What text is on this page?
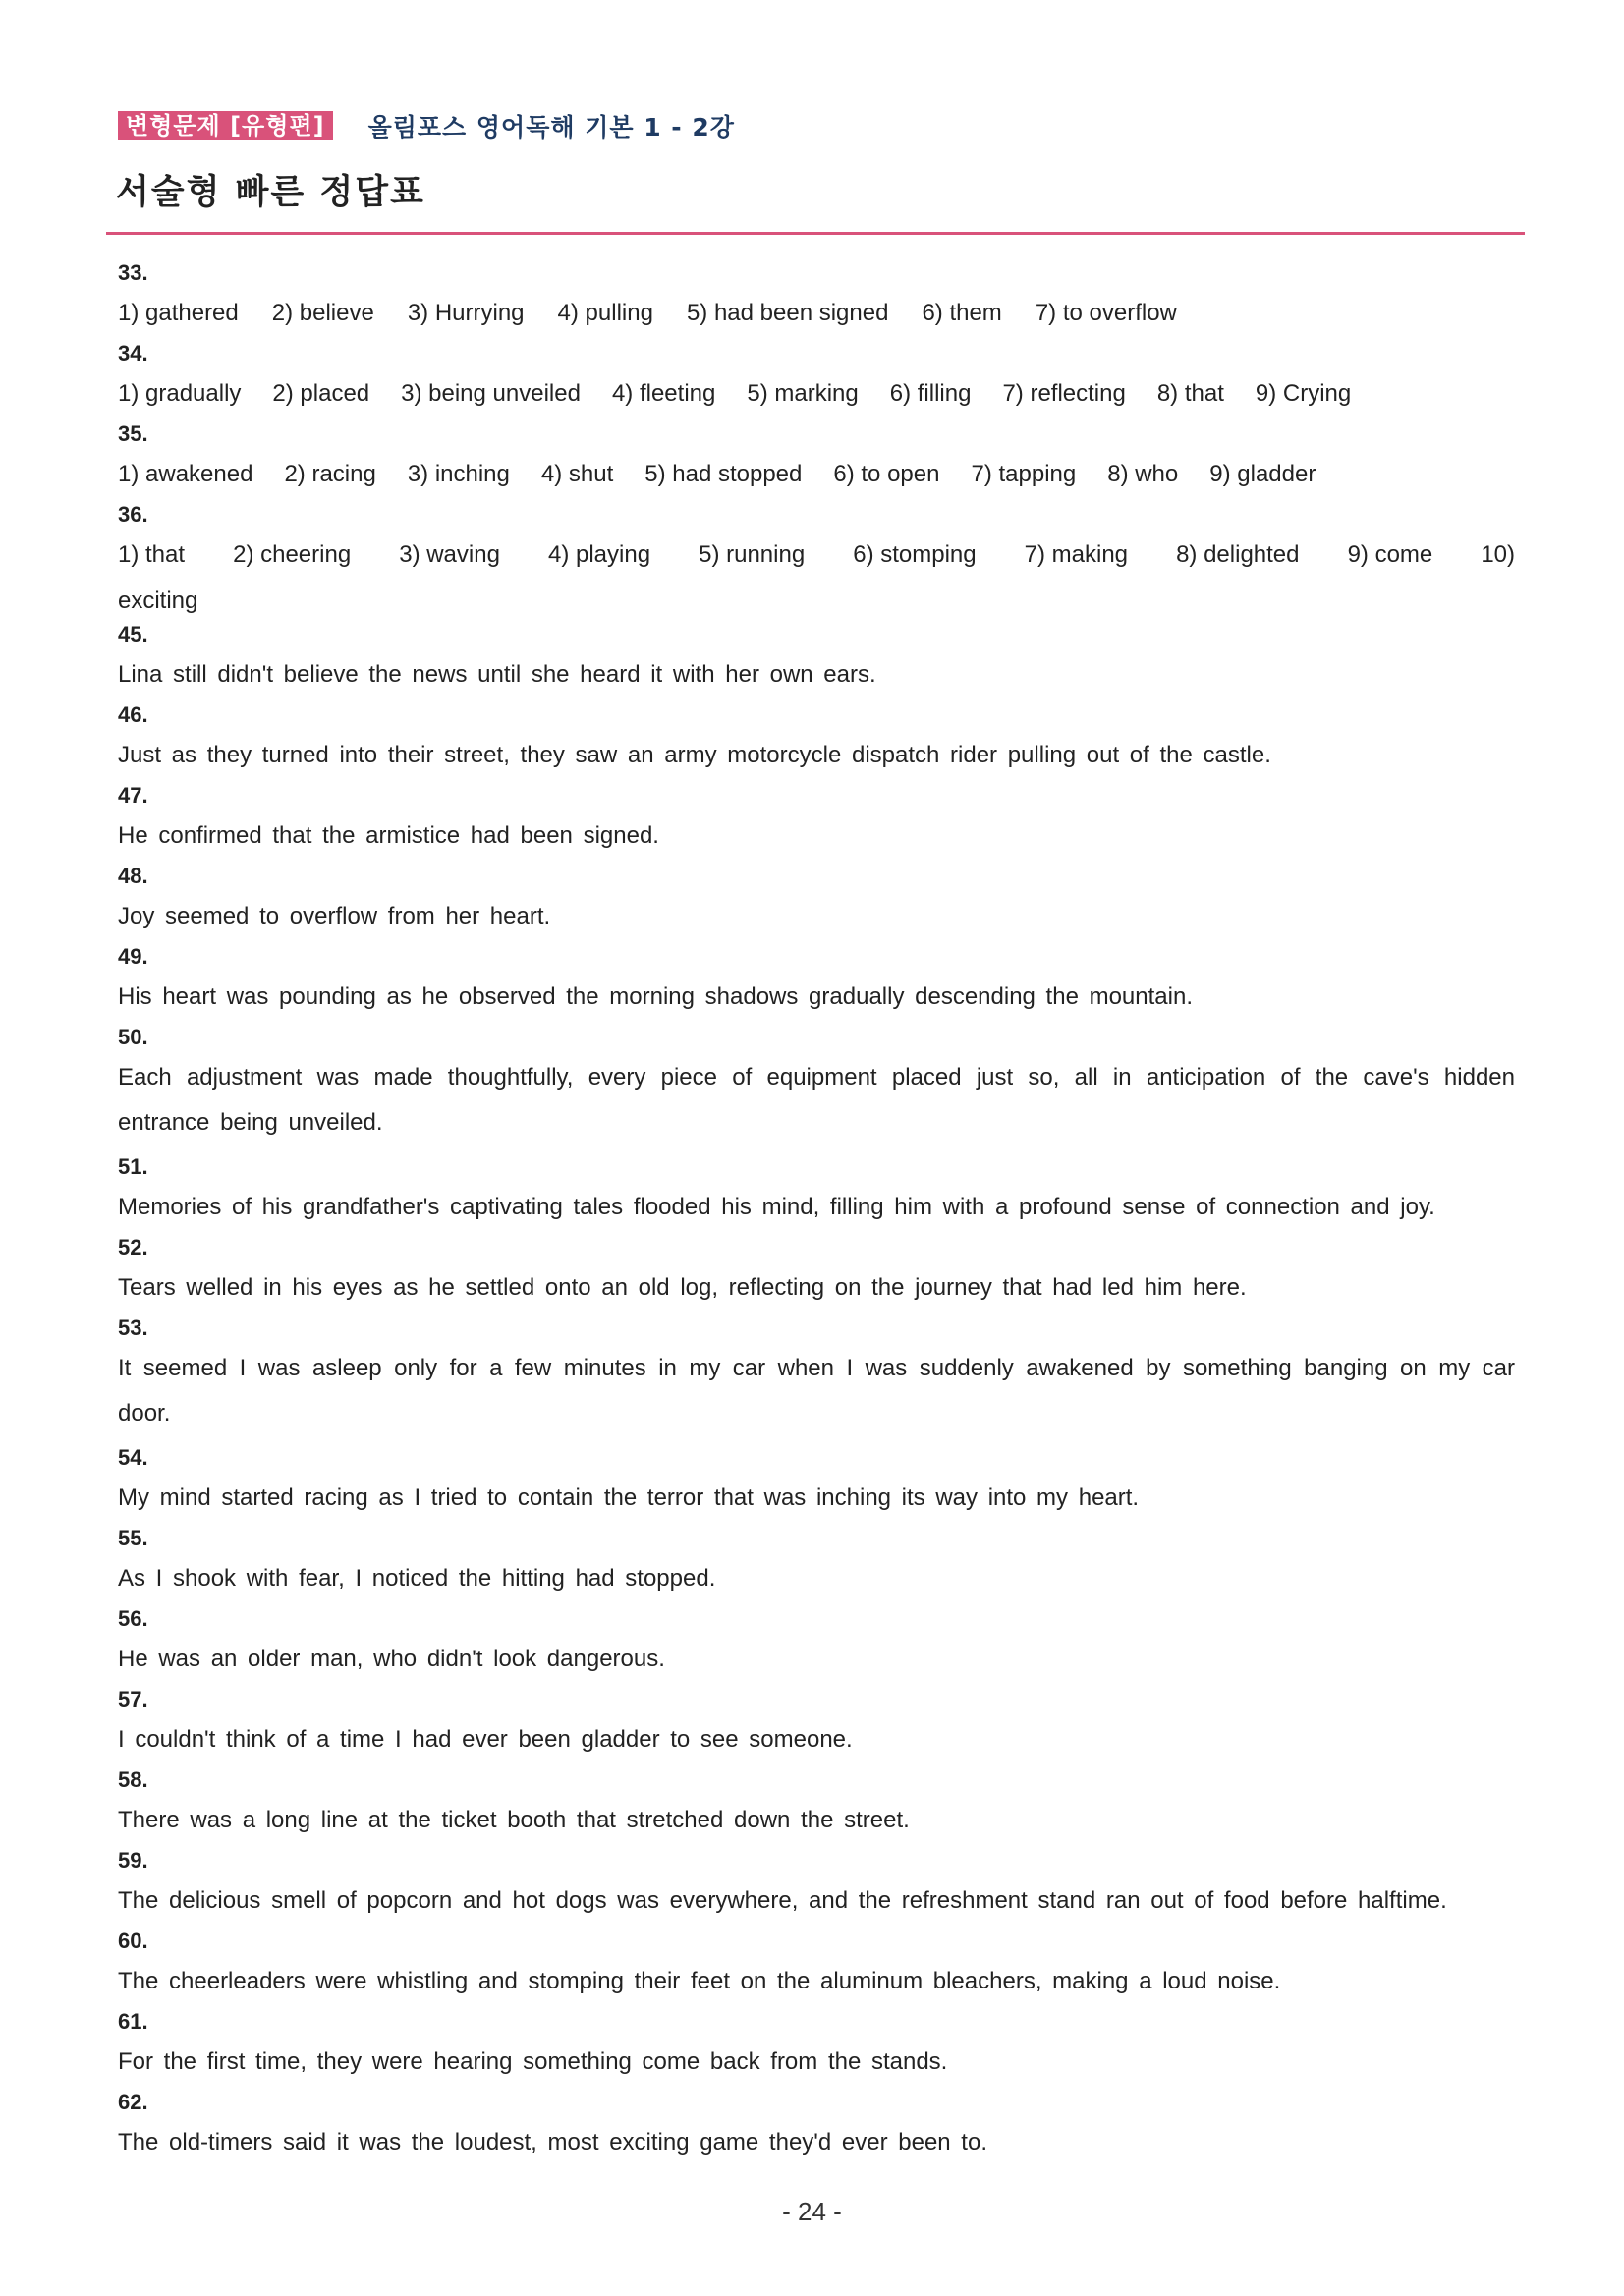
변형문제 [유형편]	올림포스 영어독해 기본 1 - 2강
서술형 빠른 정답표
33.
1) gathered 2) believe 3) Hurrying 4) pulling 5) had been signed 6) them 7) to overflow
34.
1) gradually 2) placed 3) being unveiled 4) fleeting 5) marking 6) filling 7) reflecting 8) that 9) Crying
35.
1) awakened 2) racing 3) inching 4) shut 5) had stopped 6) to open 7) tapping 8) who 9) gladder
36.
1) that 2) cheering 3) waving 4) playing 5) running 6) stomping 7) making 8) delighted 9) come 10)
exciting
45.
Lina still didn't believe the news until she heard it with her own ears.
46.
Just as they turned into their street, they saw an army motorcycle dispatch rider pulling out of the castle.
47.
He confirmed that the armistice had been signed.
48.
Joy seemed to overflow from her heart.
49.
His heart was pounding as he observed the morning shadows gradually descending the mountain.
50.
Each adjustment was made thoughtfully, every piece of equipment placed just so, all in anticipation of the cave's hidden entrance being unveiled.
51.
Memories of his grandfather's captivating tales flooded his mind, filling him with a profound sense of connection and joy.
52.
Tears welled in his eyes as he settled onto an old log, reflecting on the journey that had led him here.
53.
It seemed I was asleep only for a few minutes in my car when I was suddenly awakened by something banging on my car door.
54.
My mind started racing as I tried to contain the terror that was inching its way into my heart.
55.
As I shook with fear, I noticed the hitting had stopped.
56.
He was an older man, who didn't look dangerous.
57.
I couldn't think of a time I had ever been gladder to see someone.
58.
There was a long line at the ticket booth that stretched down the street.
59.
The delicious smell of popcorn and hot dogs was everywhere, and the refreshment stand ran out of food before halftime.
60.
The cheerleaders were whistling and stomping their feet on the aluminum bleachers, making a loud noise.
61.
For the first time, they were hearing something come back from the stands.
62.
The old-timers said it was the loudest, most exciting game they'd ever been to.
- 24 -
